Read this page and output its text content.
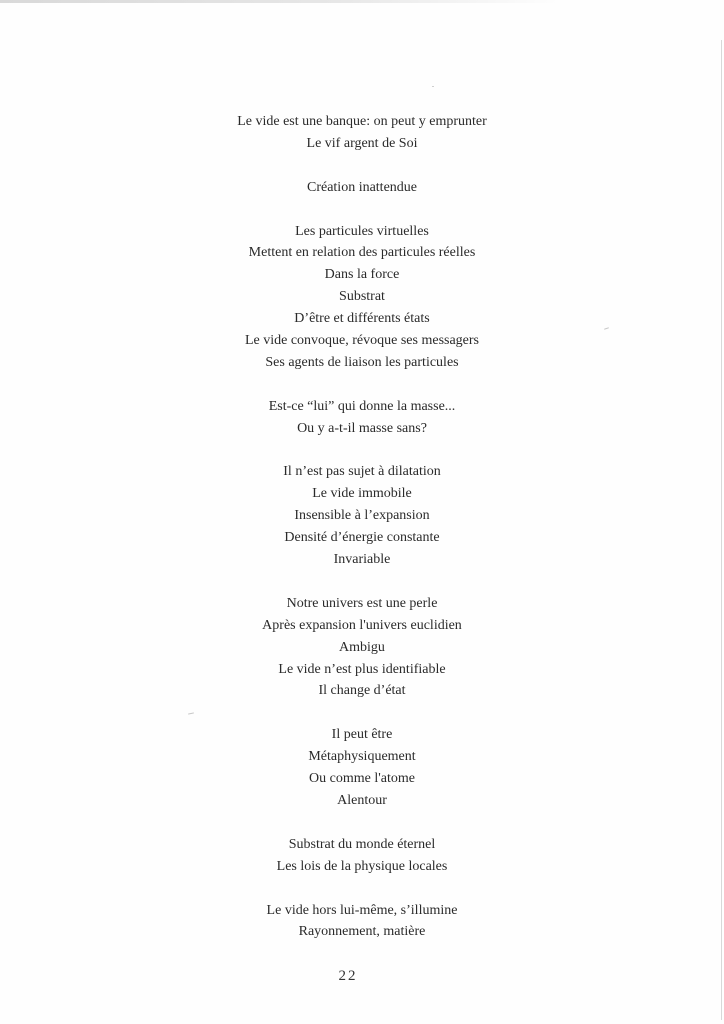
Le vide est une banque: on peut y emprunter
Le vif argent de Soi
Création inattendue
Les particules virtuelles
Mettent en relation des particules réelles
Dans la force
Substrat
D’être et différents états
Le vide convoque, révoque ses messagers
Ses agents de liaison les particules
Est-ce “lui” qui donne la masse...
Ou y a-t-il masse sans?
Il n’est pas sujet à dilatation
Le vide immobile
Insensible à l’expansion
Densité d’énergie constante
Invariable
Notre univers est une perle
Après expansion l'univers euclidien
Ambigu
Le vide n’est plus identifiable
Il change d’état
Il peut être
Métaphysiquement
Ou comme l'atome
Alentour
Substrat du monde éternel
Les lois de la physique locales
Le vide hors lui-même, s’illumine
Rayonnement, matière
22
